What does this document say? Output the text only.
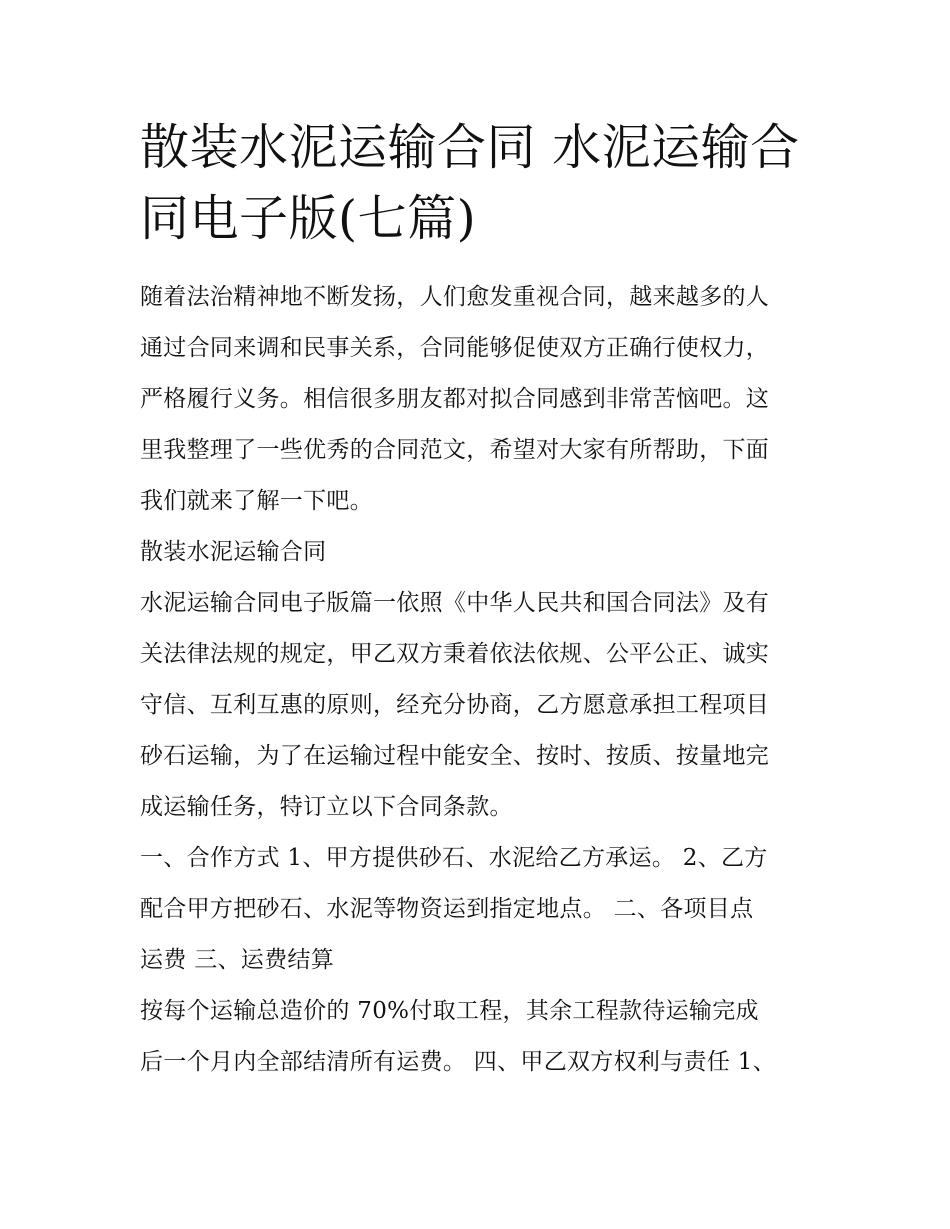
散装水泥运输合同 水泥运输合
同电子版(七篇)

随着法治精神地不断发扬，人们愈发重视合同，越来越多的人
通过合同来调和民事关系，合同能够促使双方正确行使权力，
严格履行义务。相信很多朋友都对拟合同感到非常苦恼吧。这
里我整理了一些优秀的合同范文，希望对大家有所帮助，下面
我们就来了解一下吧。

散装水泥运输合同

水泥运输合同电子版篇一依照《中华人民共和国合同法》及有
关法律法规的规定，甲乙双方秉着依法依规、公平公正、诚实
守信、互利互惠的原则，经充分协商，乙方愿意承担工程项目
砂石运输，为了在运输过程中能安全、按时、按质、按量地完
成运输任务，特订立以下合同条款。

一、合作方式 1、甲方提供砂石、水泥给乙方承运。 2、乙方
配合甲方把砂石、水泥等物资运到指定地点。 二、各项目点
运费 三、运费结算

按每个运输总造价的 70%付取工程，其余工程款待运输完成
后一个月内全部结清所有运费。 四、甲乙双方权利与责任 1、
